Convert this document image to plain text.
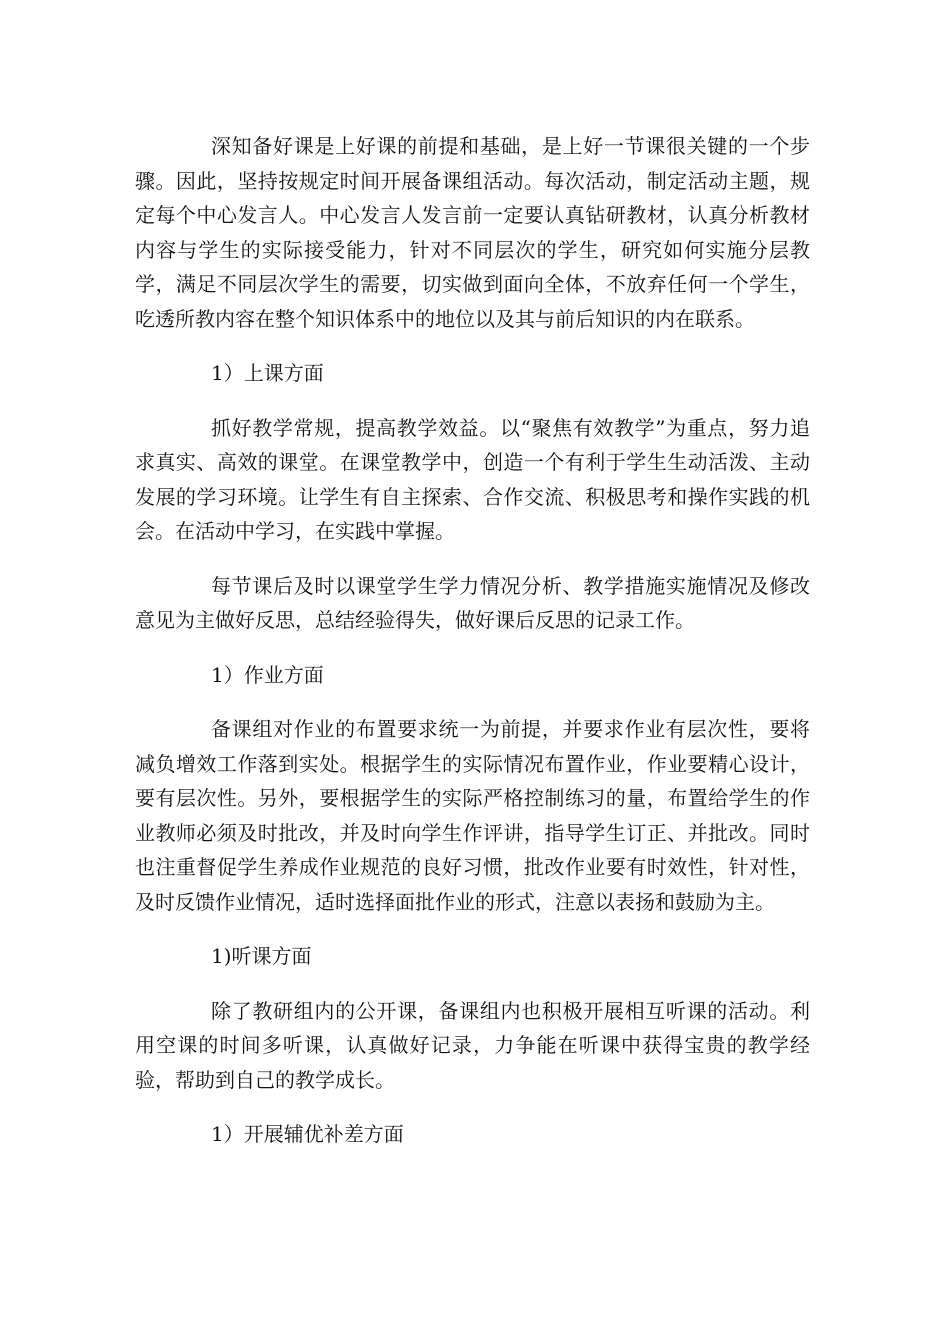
深知备好课是上好课的前提和基础，是上好一节课很关键的一个步骤。因此，坚持按规定时间开展备课组活动。每次活动，制定活动主题，规定每个中心发言人。中心发言人发言前一定要认真钻研教材，认真分析教材内容与学生的实际接受能力，针对不同层次的学生，研究如何实施分层教学，满足不同层次学生的需要，切实做到面向全体，不放弃任何一个学生，吃透所教内容在整个知识体系中的地位以及其与前后知识的内在联系。

1）上课方面

抓好教学常规，提高教学效益。以“聚焦有效教学”为重点，努力追求真实、高效的课堂。在课堂教学中，创造一个有利于学生生动活泼、主动发展的学习环境。让学生有自主探索、合作交流、积极思考和操作实践的机会。在活动中学习，在实践中掌握。

每节课后及时以课堂学生学力情况分析、教学措施实施情况及修改意见为主做好反思，总结经验得失，做好课后反思的记录工作。

1）作业方面

备课组对作业的布置要求统一为前提，并要求作业有层次性，要将减负增效工作落到实处。根据学生的实际情况布置作业，作业要精心设计，要有层次性。另外，要根据学生的实际严格控制练习的量，布置给学生的作业教师必须及时批改，并及时向学生作评讲，指导学生订正、并批改。同时也注重督促学生养成作业规范的良好习惯，批改作业要有时效性，针对性，及时反馈作业情况，适时选择面批作业的形式，注意以表扬和鼓励为主。

1)听课方面

除了教研组内的公开课，备课组内也积极开展相互听课的活动。利用空课的时间多听课，认真做好记录，力争能在听课中获得宝贵的教学经验，帮助到自己的教学成长。

1）开展辅优补差方面
